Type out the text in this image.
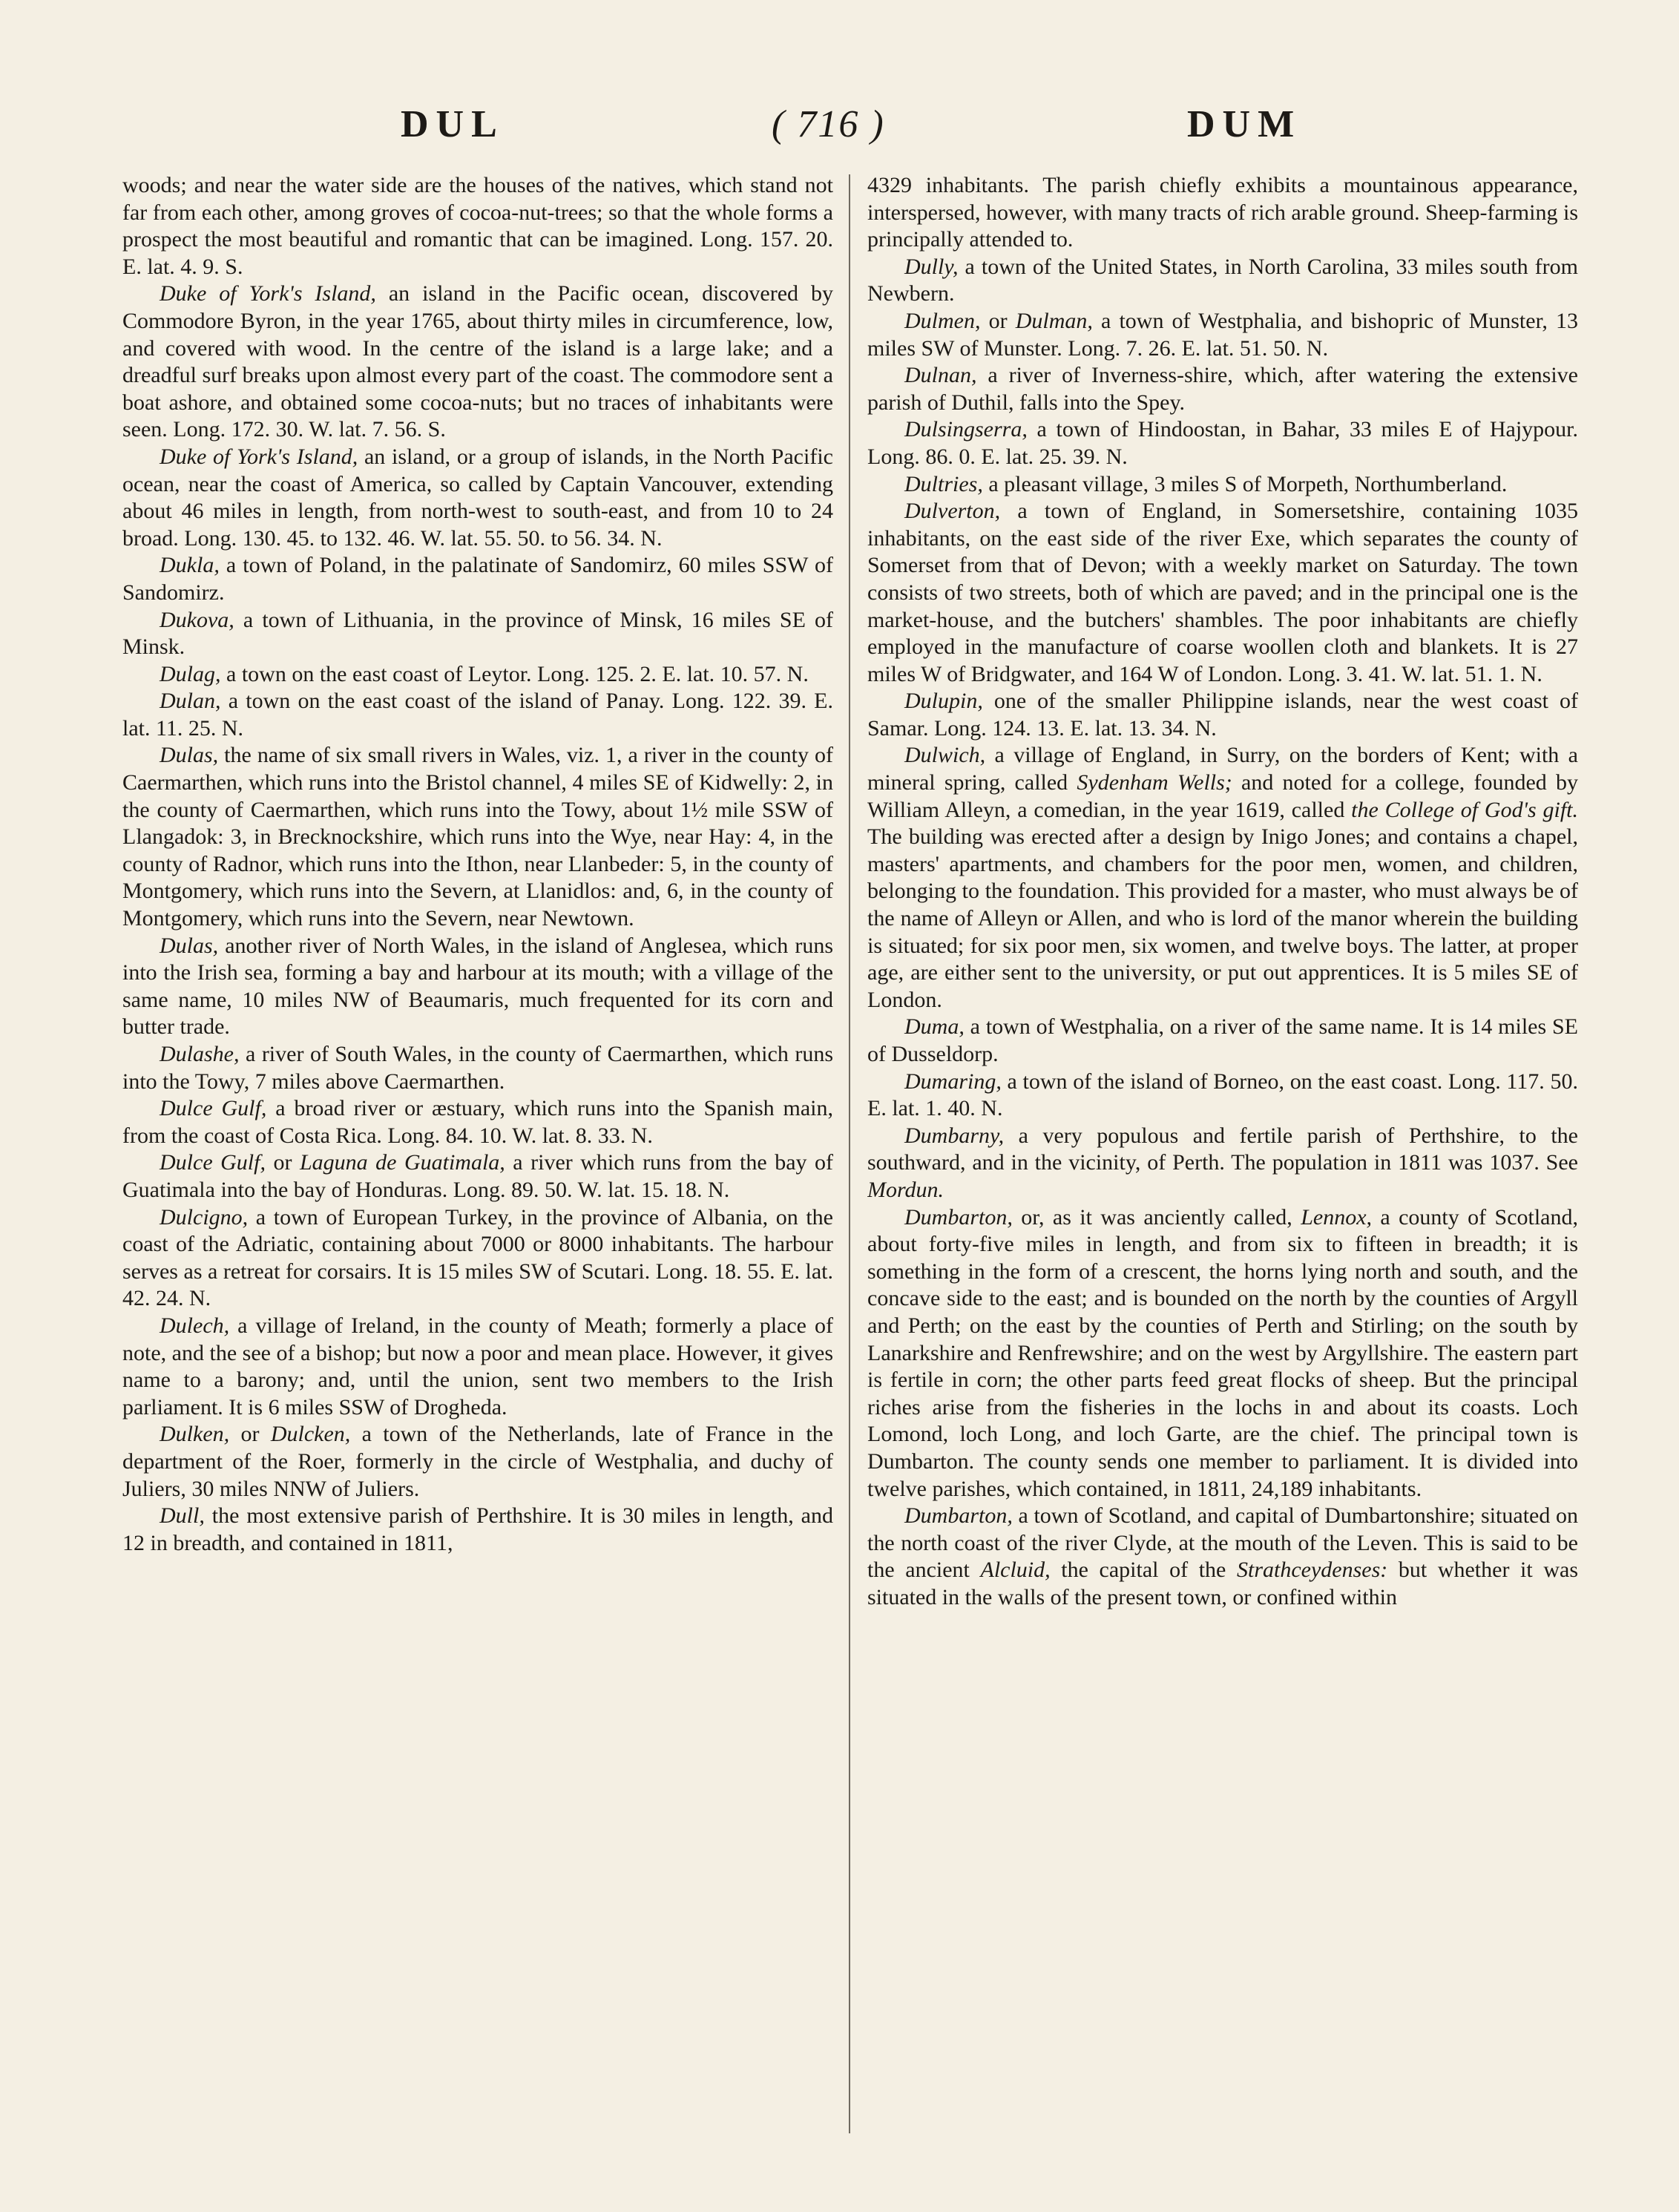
DUL	( 716 )	DUM

woods; and near the water side are the houses of the natives, which stand not far from each other, among groves of cocoa-nut-trees; so that the whole forms a prospect the most beautiful and romantic that can be imagined. Long. 157. 20. E. lat. 4. 9. S.

Duke of York's Island, an island in the Pacific ocean, discovered by Commodore Byron, in the year 1765, about thirty miles in circumference, low, and covered with wood. In the centre of the island is a large lake; and a dreadful surf breaks upon almost every part of the coast. The commodore sent a boat ashore, and obtained some cocoa-nuts; but no traces of inhabitants were seen. Long. 172. 30. W. lat. 7. 56. S.

Duke of York's Island, an island, or a group of islands, in the North Pacific ocean, near the coast of America, so called by Captain Vancouver, extending about 46 miles in length, from north-west to south-east, and from 10 to 24 broad. Long. 130. 45. to 132. 46. W. lat. 55. 50. to 56. 34. N.

Dukla, a town of Poland, in the palatinate of Sandomirz, 60 miles SSW of Sandomirz.

Dukova, a town of Lithuania, in the province of Minsk, 16 miles SE of Minsk.

Dulag, a town on the east coast of Leytor. Long. 125. 2. E. lat. 10. 57. N.

Dulan, a town on the east coast of the island of Panay. Long. 122. 39. E. lat. 11. 25. N.

Dulas, the name of six small rivers in Wales, viz. 1, a river in the county of Caermarthen, which runs into the Bristol channel, 4 miles SE of Kidwelly: 2, in the county of Caermarthen, which runs into the Towy, about 1½ mile SSW of Llangadok: 3, in Brecknockshire, which runs into the Wye, near Hay: 4, in the county of Radnor, which runs into the Ithon, near Llanbeder: 5, in the county of Montgomery, which runs into the Severn, at Llanidlos: and, 6, in the county of Montgomery, which runs into the Severn, near Newtown.

Dulas, another river of North Wales, in the island of Anglesea, which runs into the Irish sea, forming a bay and harbour at its mouth; with a village of the same name, 10 miles NW of Beaumaris, much frequented for its corn and butter trade.

Dulashe, a river of South Wales, in the county of Caermarthen, which runs into the Towy, 7 miles above Caermarthen.

Dulce Gulf, a broad river or æstuary, which runs into the Spanish main, from the coast of Costa Rica. Long. 84. 10. W. lat. 8. 33. N.

Dulce Gulf, or Laguna de Guatimala, a river which runs from the bay of Guatimala into the bay of Honduras. Long. 89. 50. W. lat. 15. 18. N.

Dulcigno, a town of European Turkey, in the province of Albania, on the coast of the Adriatic, containing about 7000 or 8000 inhabitants. The harbour serves as a retreat for corsairs. It is 15 miles SW of Scutari. Long. 18. 55. E. lat. 42. 24. N.

Dulech, a village of Ireland, in the county of Meath; formerly a place of note, and the see of a bishop; but now a poor and mean place. However, it gives name to a barony; and, until the union, sent two members to the Irish parliament. It is 6 miles SSW of Drogheda.

Dulken, or Dulcken, a town of the Netherlands, late of France in the department of the Roer, formerly in the circle of Westphalia, and duchy of Juliers, 30 miles NNW of Juliers.

Dull, the most extensive parish of Perthshire. It is 30 miles in length, and 12 in breadth, and contained in 1811,

4329 inhabitants. The parish chiefly exhibits a mountainous appearance, interspersed, however, with many tracts of rich arable ground. Sheep-farming is principally attended to.

Dully, a town of the United States, in North Carolina, 33 miles south from Newbern.

Dulmen, or Dulman, a town of Westphalia, and bishopric of Munster, 13 miles SW of Munster. Long. 7. 26. E. lat. 51. 50. N.

Dulnan, a river of Inverness-shire, which, after watering the extensive parish of Duthil, falls into the Spey.

Dulsingserra, a town of Hindoostan, in Bahar, 33 miles E of Hajypour. Long. 86. 0. E. lat. 25. 39. N.

Dultries, a pleasant village, 3 miles S of Morpeth, Northumberland.

Dulverton, a town of England, in Somersetshire, containing 1035 inhabitants, on the east side of the river Exe, which separates the county of Somerset from that of Devon; with a weekly market on Saturday. The town consists of two streets, both of which are paved; and in the principal one is the market-house, and the butchers' shambles. The poor inhabitants are chiefly employed in the manufacture of coarse woollen cloth and blankets. It is 27 miles W of Bridgwater, and 164 W of London. Long. 3. 41. W. lat. 51. 1. N.

Dulupin, one of the smaller Philippine islands, near the west coast of Samar. Long. 124. 13. E. lat. 13. 34. N.

Dulwich, a village of England, in Surry, on the borders of Kent; with a mineral spring, called Sydenham Wells; and noted for a college, founded by William Alleyn, a comedian, in the year 1619, called the College of God's gift. The building was erected after a design by Inigo Jones; and contains a chapel, masters' apartments, and chambers for the poor men, women, and children, belonging to the foundation. This provided for a master, who must always be of the name of Alleyn or Allen, and who is lord of the manor wherein the building is situated; for six poor men, six women, and twelve boys. The latter, at proper age, are either sent to the university, or put out apprentices. It is 5 miles SE of London.

Duma, a town of Westphalia, on a river of the same name. It is 14 miles SE of Dusseldorp.

Dumaring, a town of the island of Borneo, on the east coast. Long. 117. 50. E. lat. 1. 40. N.

Dumbarny, a very populous and fertile parish of Perthshire, to the southward, and in the vicinity, of Perth. The population in 1811 was 1037. See Mordun.

Dumbarton, or, as it was anciently called, Lennox, a county of Scotland, about forty-five miles in length, and from six to fifteen in breadth; it is something in the form of a crescent, the horns lying north and south, and the concave side to the east; and is bounded on the north by the counties of Argyll and Perth; on the east by the counties of Perth and Stirling; on the south by Lanarkshire and Renfrewshire; and on the west by Argyllshire. The eastern part is fertile in corn; the other parts feed great flocks of sheep. But the principal riches arise from the fisheries in the lochs in and about its coasts. Loch Lomond, loch Long, and loch Garte, are the chief. The principal town is Dumbarton. The county sends one member to parliament. It is divided into twelve parishes, which contained, in 1811, 24,189 inhabitants.

Dumbarton, a town of Scotland, and capital of Dumbartonshire; situated on the north coast of the river Clyde, at the mouth of the Leven. This is said to be the ancient Alcluid, the capital of the Strathceydenses: but whether it was situated in the walls of the present town, or confined within
